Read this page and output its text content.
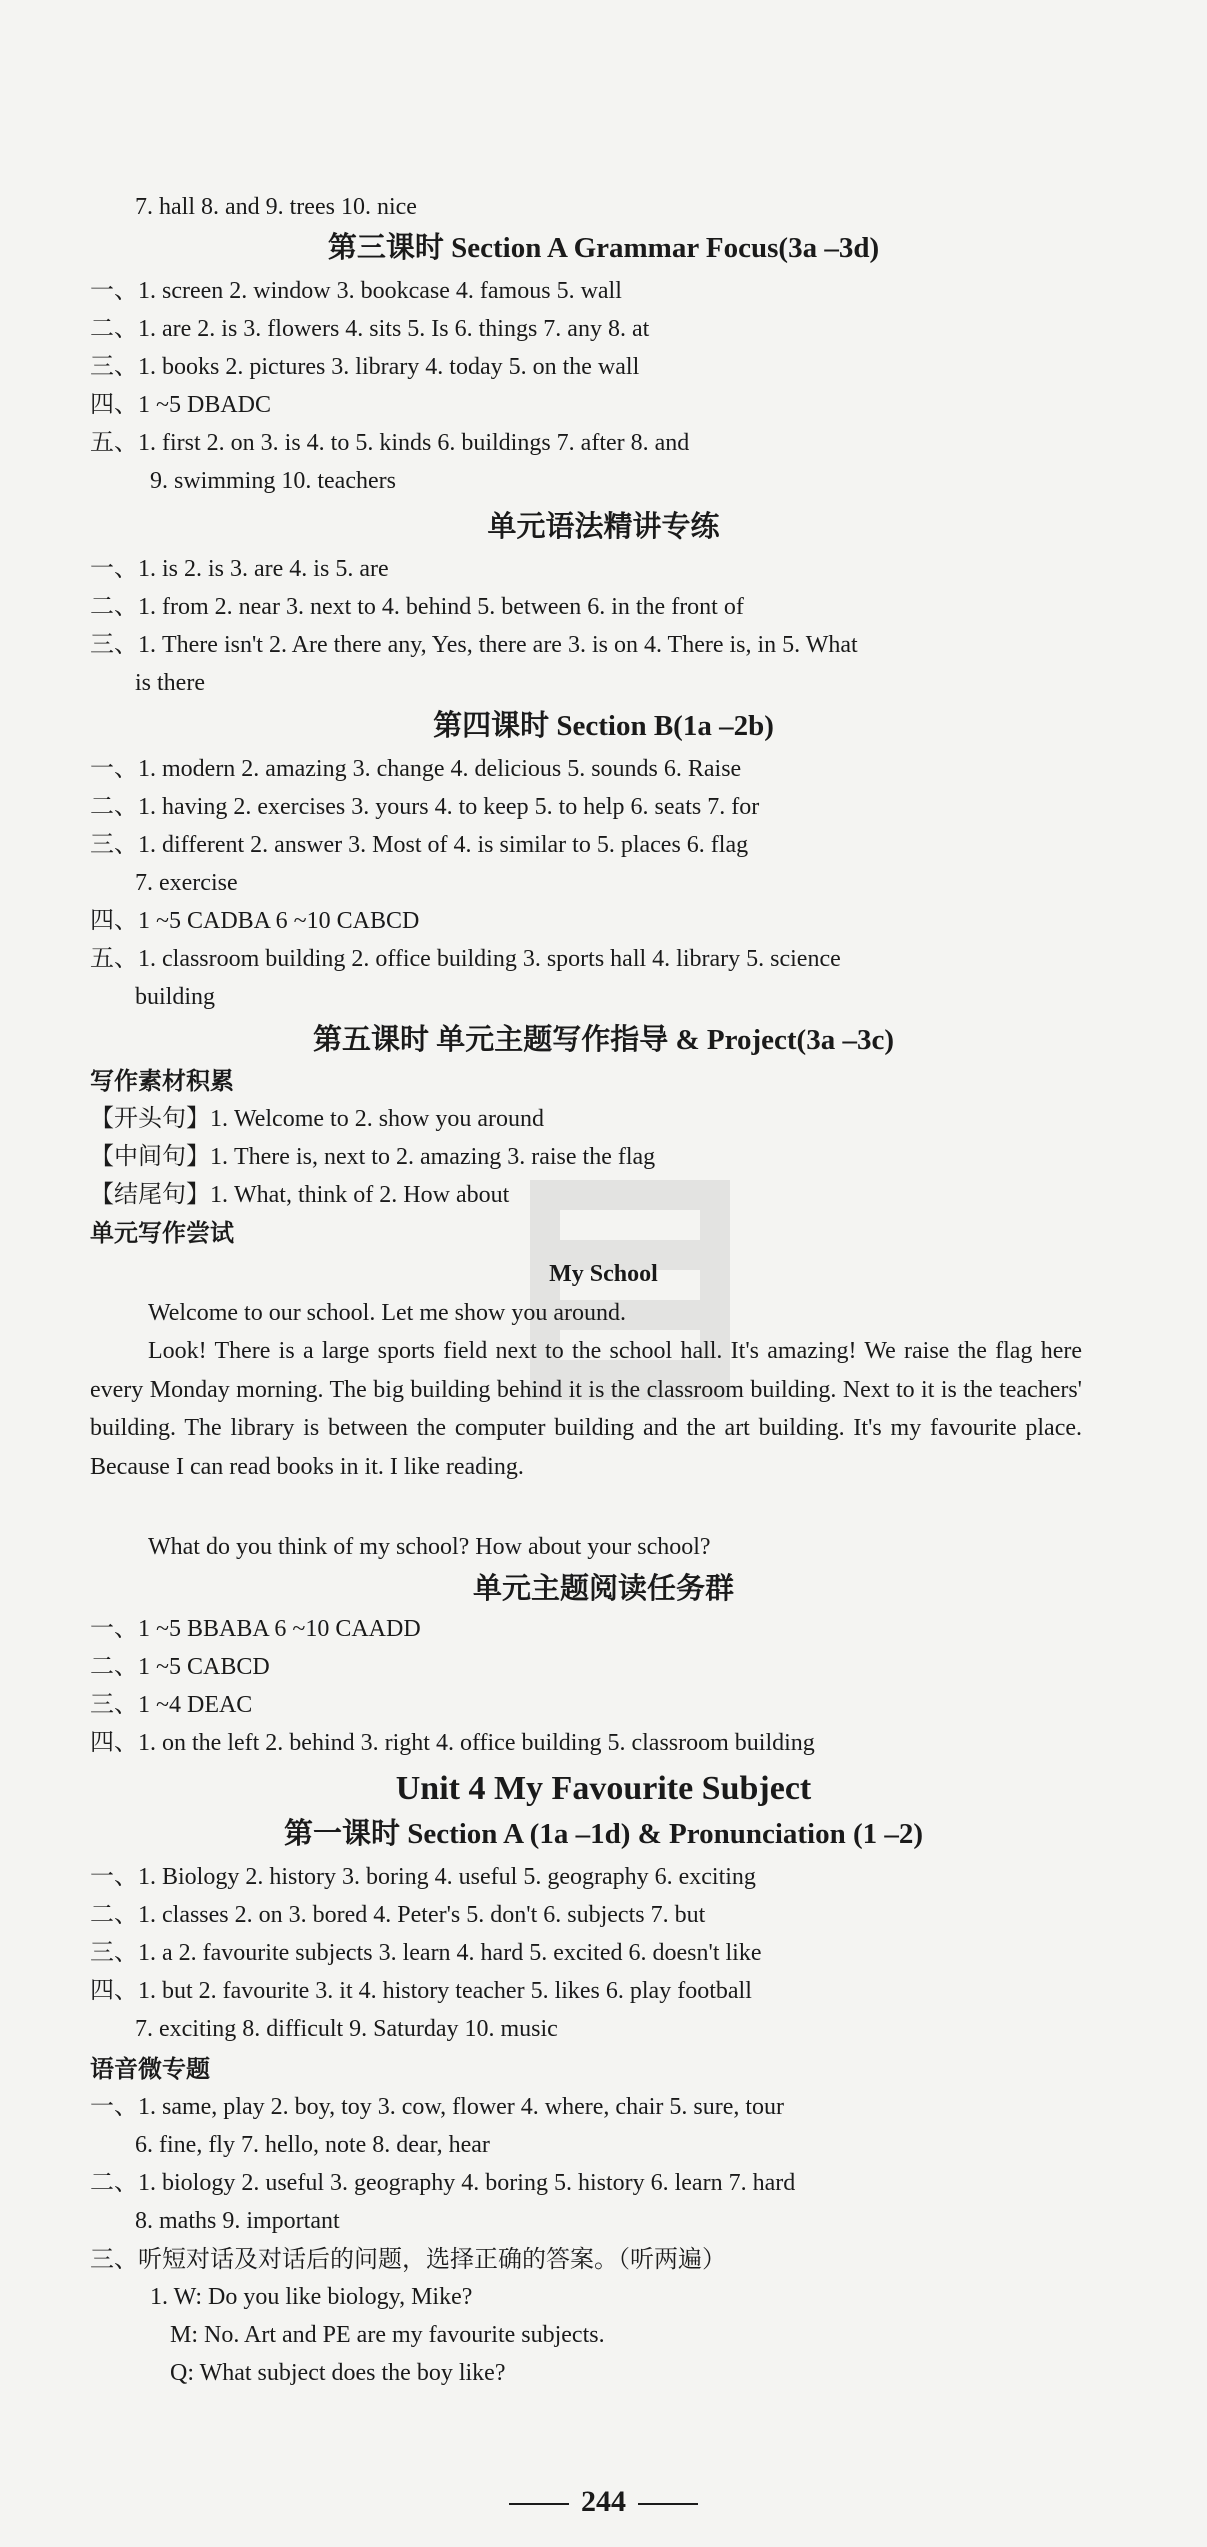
7. hall 8. and 9. trees 10. nice
第三课时 Section A Grammar Focus(3a –3d)
一、1. screen 2. window 3. bookcase 4. famous 5. wall
二、1. are 2. is 3. flowers 4. sits 5. Is 6. things 7. any 8. at
三、1. books 2. pictures 3. library 4. today 5. on the wall
四、1 ~5 DBADC
五、1. first 2. on 3. is 4. to 5. kinds 6. buildings 7. after 8. and
9. swimming 10. teachers
单元语法精讲专练
一、1. is 2. is 3. are 4. is 5. are
二、1. from 2. near 3. next to 4. behind 5. between 6. in the front of
三、1. There isn't 2. Are there any, Yes, there are 3. is on 4. There is, in 5. What
is there
第四课时 Section B(1a –2b)
一、1. modern 2. amazing 3. change 4. delicious 5. sounds 6. Raise
二、1. having 2. exercises 3. yours 4. to keep 5. to help 6. seats 7. for
三、1. different 2. answer 3. Most of 4. is similar to 5. places 6. flag
7. exercise
四、1 ~5 CADBA 6 ~10 CABCD
五、1. classroom building 2. office building 3. sports hall 4. library 5. science
building
第五课时 单元主题写作指导 & Project(3a –3c)
写作素材积累
【开头句】1. Welcome to 2. show you around
【中间句】1. There is, next to 2. amazing 3. raise the flag
【结尾句】1. What, think of 2. How about
单元写作尝试
My School
Welcome to our school. Let me show you around.
Look! There is a large sports field next to the school hall. It's amazing! We raise the flag here every Monday morning. The big building behind it is the classroom building. Next to it is the teachers' building. The library is between the computer building and the art building. It's my favourite place. Because I can read books in it. I like reading.
What do you think of my school? How about your school?
单元主题阅读任务群
一、1 ~5 BBABA 6 ~10 CAADD
二、1 ~5 CABCD
三、1 ~4 DEAC
四、1. on the left 2. behind 3. right 4. office building 5. classroom building
Unit 4 My Favourite Subject
第一课时 Section A (1a –1d) & Pronunciation (1 –2)
一、1. Biology 2. history 3. boring 4. useful 5. geography 6. exciting
二、1. classes 2. on 3. bored 4. Peter's 5. don't 6. subjects 7. but
三、1. a 2. favourite subjects 3. learn 4. hard 5. excited 6. doesn't like
四、1. but 2. favourite 3. it 4. history teacher 5. likes 6. play football
7. exciting 8. difficult 9. Saturday 10. music
语音微专题
一、1. same, play 2. boy, toy 3. cow, flower 4. where, chair 5. sure, tour
6. fine, fly 7. hello, note 8. dear, hear
二、1. biology 2. useful 3. geography 4. boring 5. history 6. learn 7. hard
8. maths 9. important
三、听短对话及对话后的问题，选择正确的答案。（听两遍）
1. W: Do you like biology, Mike?
M: No. Art and PE are my favourite subjects.
Q: What subject does the boy like?
244
